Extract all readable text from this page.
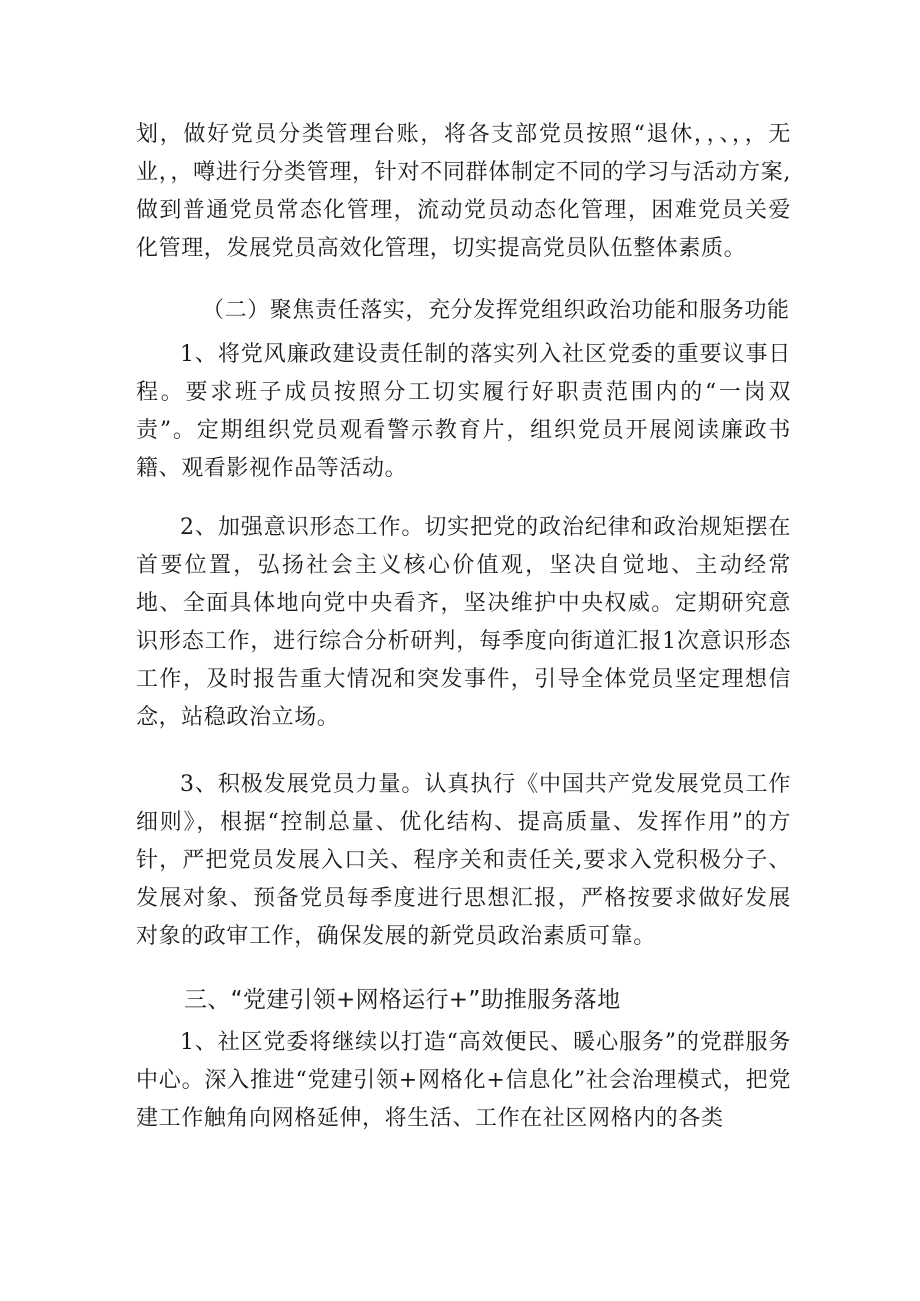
划，做好党员分类管理台账，将各支部党员按照“退休，，、，，无业，，噂进行分类管理，针对不同群体制定不同的学习与活动方案,做到普通党员常态化管理，流动党员动态化管理，困难党员关爱化管理，发展党员高效化管理，切实提高党员队伍整体素质。

（二）聚焦责任落实，充分发挥党组织政治功能和服务功能

1、将党风廉政建设责任制的落实列入社区党委的重要议事日程。要求班子成员按照分工切实履行好职责范围内的“一岗双责”。定期组织党员观看警示教育片，组织党员开展阅读廉政书籍、观看影视作品等活动。

2、加强意识形态工作。切实把党的政治纪律和政治规矩摆在首要位置，弘扬社会主义核心价值观，坚决自觉地、主动经常地、全面具体地向党中央看齐，坚决维护中央权威。定期研究意识形态工作，进行综合分析研判，每季度向街道汇报1次意识形态工作，及时报告重大情况和突发事件，引导全体党员坚定理想信念，站稳政治立场。

3、积极发展党员力量。认真执行《中国共产党发展党员工作细则》，根据“控制总量、优化结构、提高质量、发挥作用”的方针，严把党员发展入口关、程序关和责任关,要求入党积极分子、发展对象、预备党员每季度进行思想汇报，严格按要求做好发展对象的政审工作，确保发展的新党员政治素质可靠。

三、“党建引领+网格运行+”助推服务落地

1、社区党委将继续以打造“高效便民、暖心服务”的党群服务中心。深入推进“党建引领+网格化+信息化”社会治理模式，把党建工作触角向网格延伸，将生活、工作在社区网格内的各类
